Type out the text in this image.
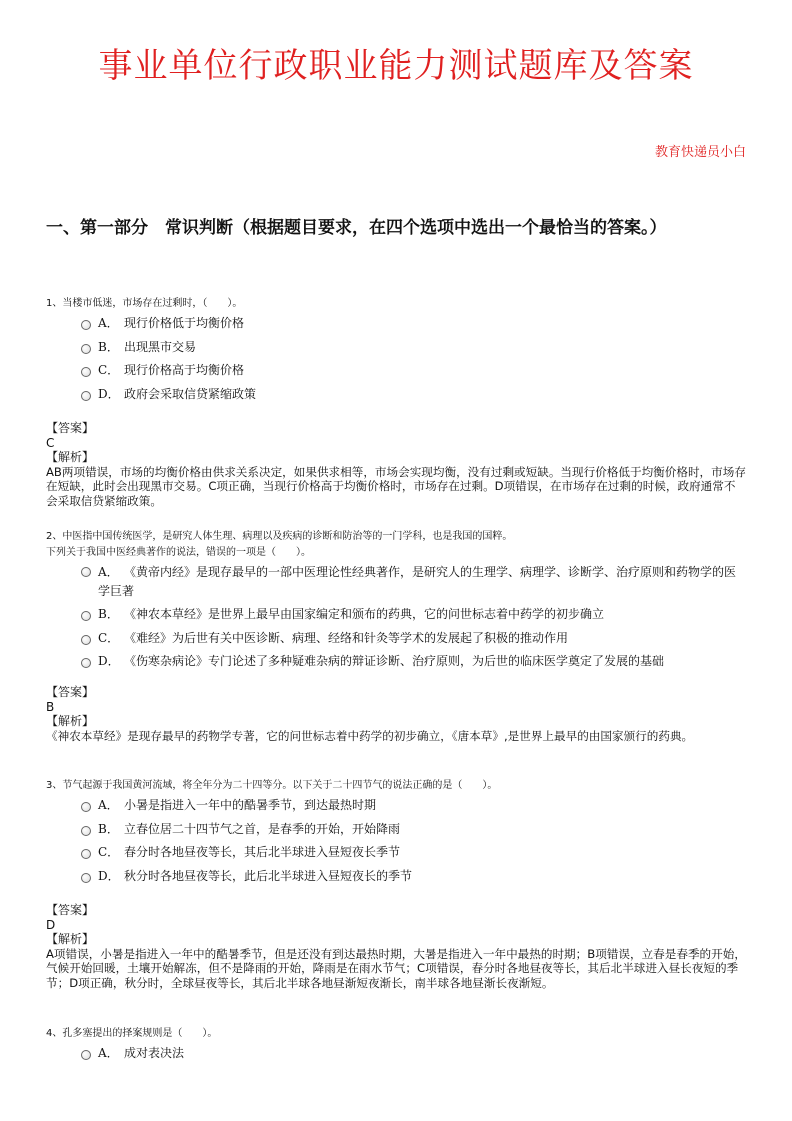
事业单位行政职业能力测试题库及答案
教育快递员小白
一、第一部分　常识判断（根据题目要求，在四个选项中选出一个最恰当的答案。）
1、当楼市低迷，市场存在过剩时，（　　）。
A． 现行价格低于均衡价格
B． 出现黑市交易
C． 现行价格高于均衡价格
D． 政府会采取信贷紧缩政策
【答案】
C
【解析】
AB两项错误，市场的均衡价格由供求关系决定，如果供求相等，市场会实现均衡，没有过剩或短缺。当现行价格低于均衡价格时，市场存在短缺，此时会出现黑市交易。C项正确，当现行价格高于均衡价格时，市场存在过剩。D项错误，在市场存在过剩的时候，政府通常不会采取信贷紧缩政策。
2、中医指中国传统医学，是研究人体生理、病理以及疾病的诊断和防治等的一门学科，也是我国的国粹。
下列关于我国中医经典著作的说法，错误的一项是（　　）。
A． 《黄帝内经》是现存最早的一部中医理论性经典著作，是研究人的生理学、病理学、诊断学、治疗原则和药物学的医学巨著
B． 《神农本草经》是世界上最早由国家编定和颁布的药典，它的问世标志着中药学的初步确立
C． 《难经》为后世有关中医诊断、病理、经络和针灸等学术的发展起了积极的推动作用
D． 《伤寒杂病论》专门论述了多种疑难杂病的辩证诊断、治疗原则，为后世的临床医学奠定了发展的基础
【答案】
B
【解析】
《神农本草经》是现存最早的药物学专著，它的问世标志着中药学的初步确立，《唐本草》,是世界上最早的由国家颁行的药典。
3、节气起源于我国黄河流域，将全年分为二十四等分。以下关于二十四节气的说法正确的是（　　）。
A． 小暑是指进入一年中的酷暑季节，到达最热时期
B． 立春位居二十四节气之首，是春季的开始，开始降雨
C． 春分时各地昼夜等长，其后北半球进入昼短夜长季节
D． 秋分时各地昼夜等长，此后北半球进入昼短夜长的季节
【答案】
D
【解析】
A项错误，小暑是指进入一年中的酷暑季节，但是还没有到达最热时期，大暑是指进入一年中最热的时期；B项错误，立春是春季的开始，气候开始回暖，土壤开始解冻，但不是降雨的开始，降雨是在雨水节气；C项错误，春分时各地昼夜等长，其后北半球进入昼长夜短的季节；D项正确，秋分时，全球昼夜等长，其后北半球各地昼渐短夜渐长，南半球各地昼渐长夜渐短。
4、孔多塞提出的择案规则是（　　）。
A． 成对表决法
